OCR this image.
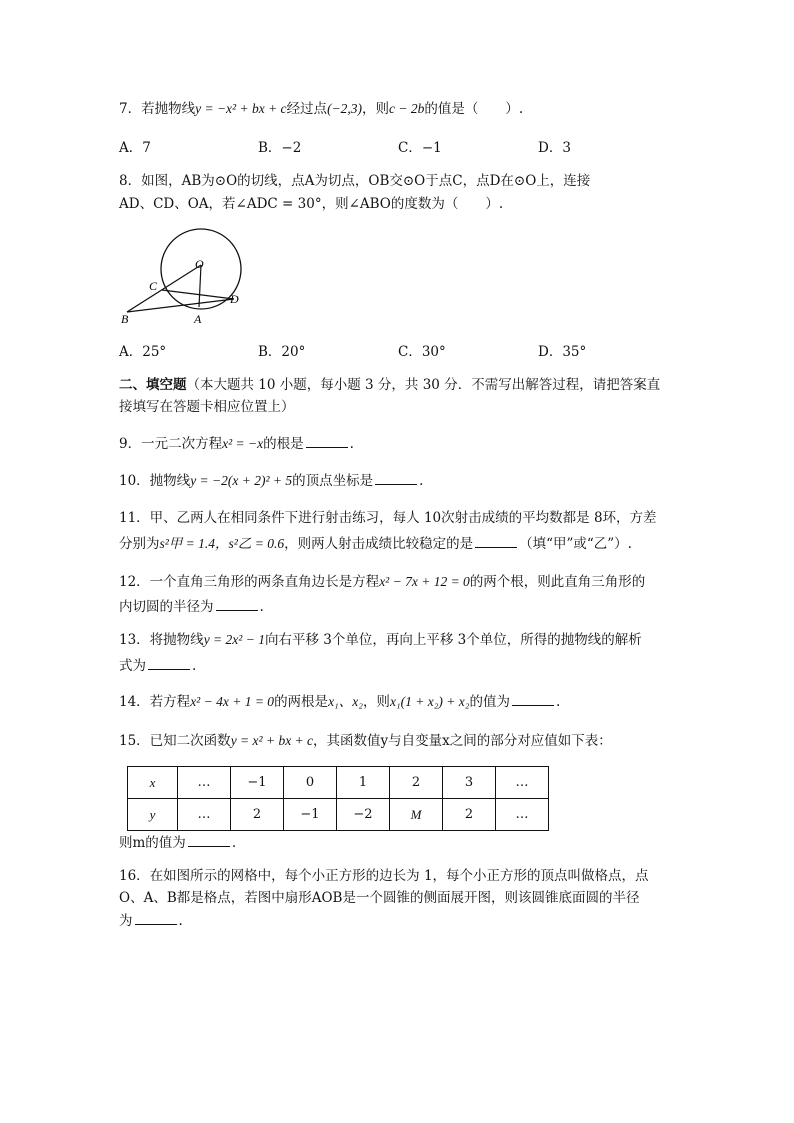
7．若抛物线y = −x² + bx + c经过点(−2,3)，则c − 2b的值是（　　）.
A．7	B．−2	C．−1	D．3
8．如图，AB为⊙O的切线，点A为切点，OB交⊙O于点C，点D在⊙O上，连接
AD、CD、OA，若∠ADC = 30°，则∠ABO的度数为（　　）.
O
C
D
B	A
A．25°	B．20°	C．30°	D．35°
二、填空题（本大题共 10 小题，每小题 3 分，共 30 分．不需写出解答过程，请把答案直
接填写在答题卡相应位置上）
9．一元二次方程x² = −x的根是	.
10．抛物线y = −2(x + 2)² + 5的顶点坐标是	.
11．甲、乙两人在相同条件下进行射击练习，每人 10次射击成绩的平均数都是 8环，方差
分别为s²甲 = 1.4，s²乙 = 0.6，则两人射击成绩比较稳定的是	（填“甲”或“乙”）.
12．一个直角三角形的两条直角边长是方程x² − 7x + 12 = 0的两个根，则此直角三角形的
内切圆的半径为	.
13．将抛物线y = 2x² − 1向右平移 3个单位，再向上平移 3个单位，所得的抛物线的解析
式为	.
14．若方程x² − 4x + 1 = 0的两根是x₁、x₂，则x₁(1 + x₂) + x₂的值为	.
15．已知二次函数y = x² + bx + c，其函数值y与自变量x之间的部分对应值如下表：
x	…	−1	0	1	2	3	…
y	…	2	−1	−2	M	2	…
则m的值为	.
16．在如图所示的网格中，每个小正方形的边长为 1，每个小正方形的顶点叫做格点，点
O、A、B都是格点，若图中扇形AOB是一个圆锥的侧面展开图，则该圆锥底面圆的半径
为	.
